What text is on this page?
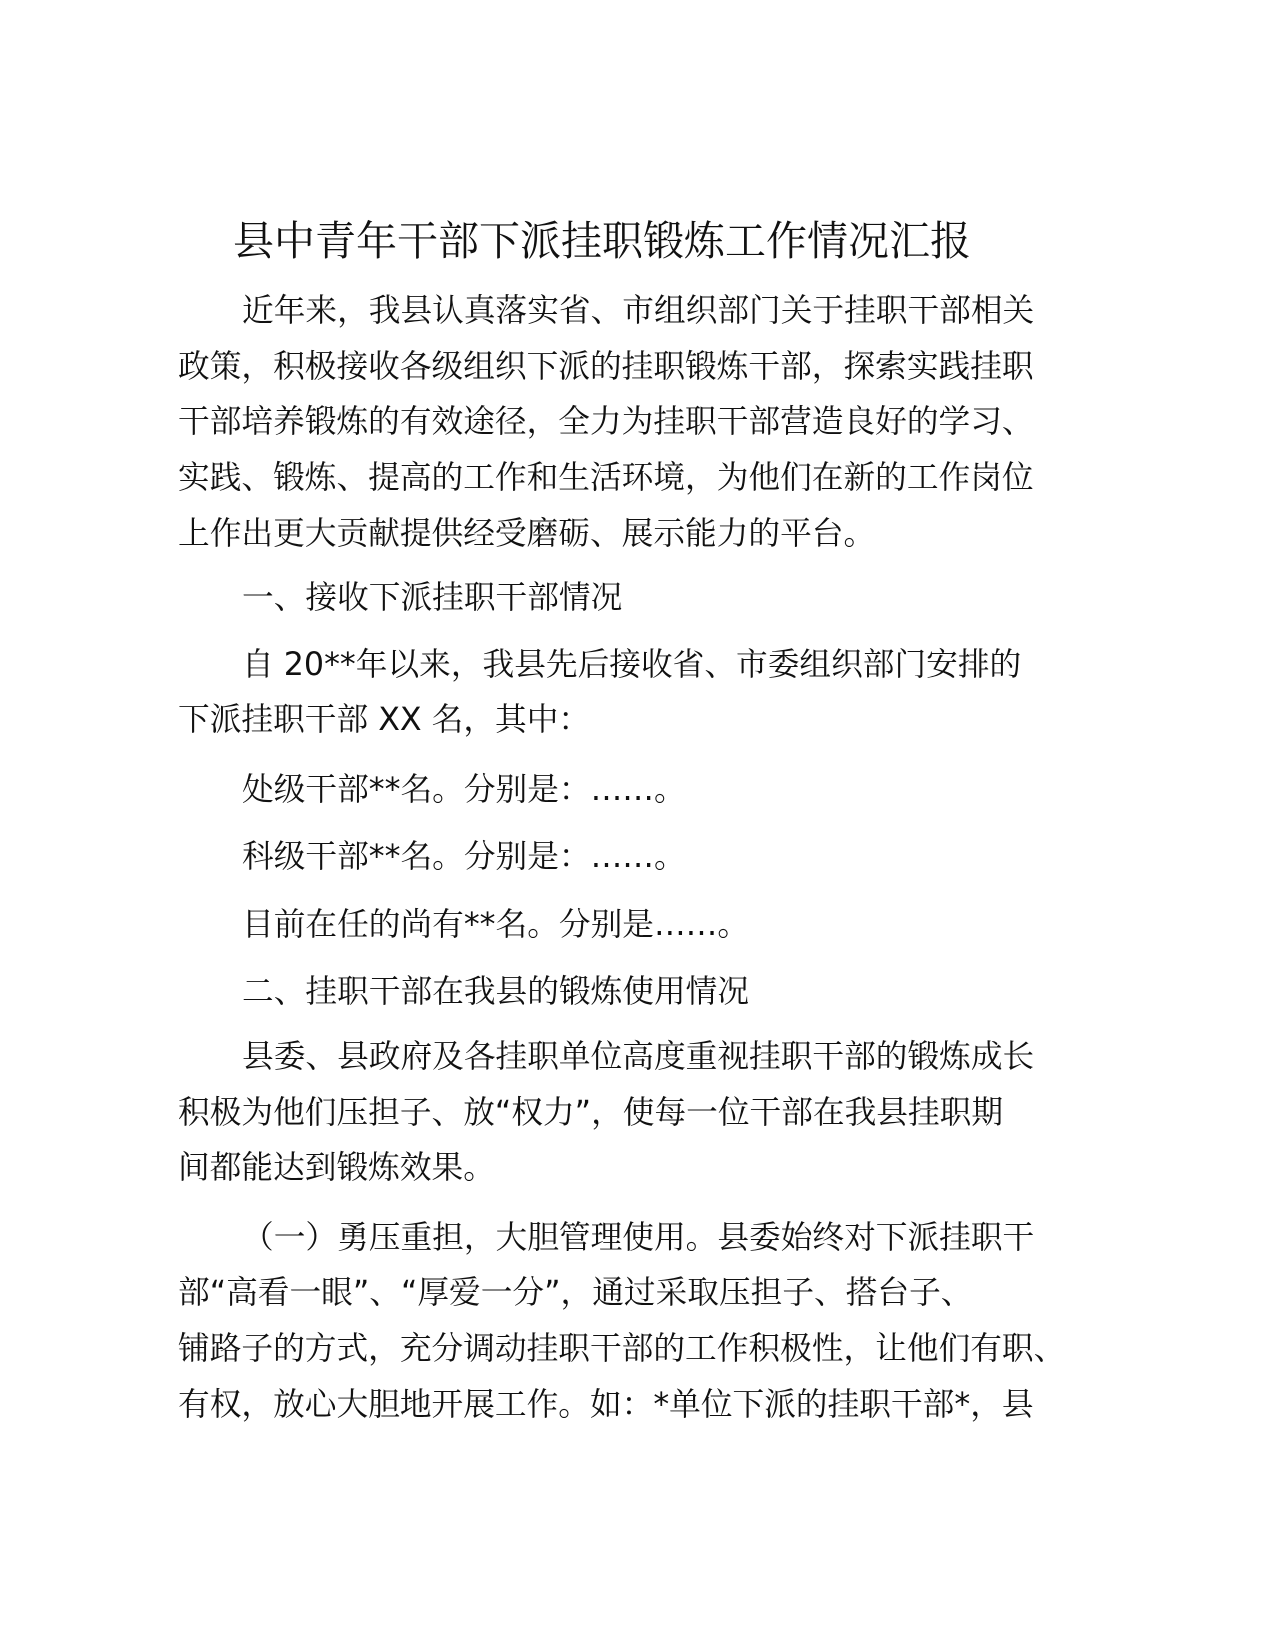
县中青年干部下派挂职锻炼工作情况汇报
近年来，我县认真落实省、市组织部门关于挂职干部相关
政策，积极接收各级组织下派的挂职锻炼干部，探索实践挂职
干部培养锻炼的有效途径，全力为挂职干部营造良好的学习、
实践、锻炼、提高的工作和生活环境，为他们在新的工作岗位
上作出更大贡献提供经受磨砺、展示能力的平台。
一、接收下派挂职干部情况
自 20**年以来，我县先后接收省、市委组织部门安排的
下派挂职干部 XX 名，其中：
处级干部**名。分别是：……。
科级干部**名。分别是：……。
目前在任的尚有**名。分别是……。
二、挂职干部在我县的锻炼使用情况
县委、县政府及各挂职单位高度重视挂职干部的锻炼成长
积极为他们压担子、放“权力”，使每一位干部在我县挂职期
间都能达到锻炼效果。
（一）勇压重担，大胆管理使用。县委始终对下派挂职干
部“高看一眼”、“厚爱一分”，通过采取压担子、搭台子、
铺路子的方式，充分调动挂职干部的工作积极性，让他们有职、
有权，放心大胆地开展工作。如：*单位下派的挂职干部*，县
